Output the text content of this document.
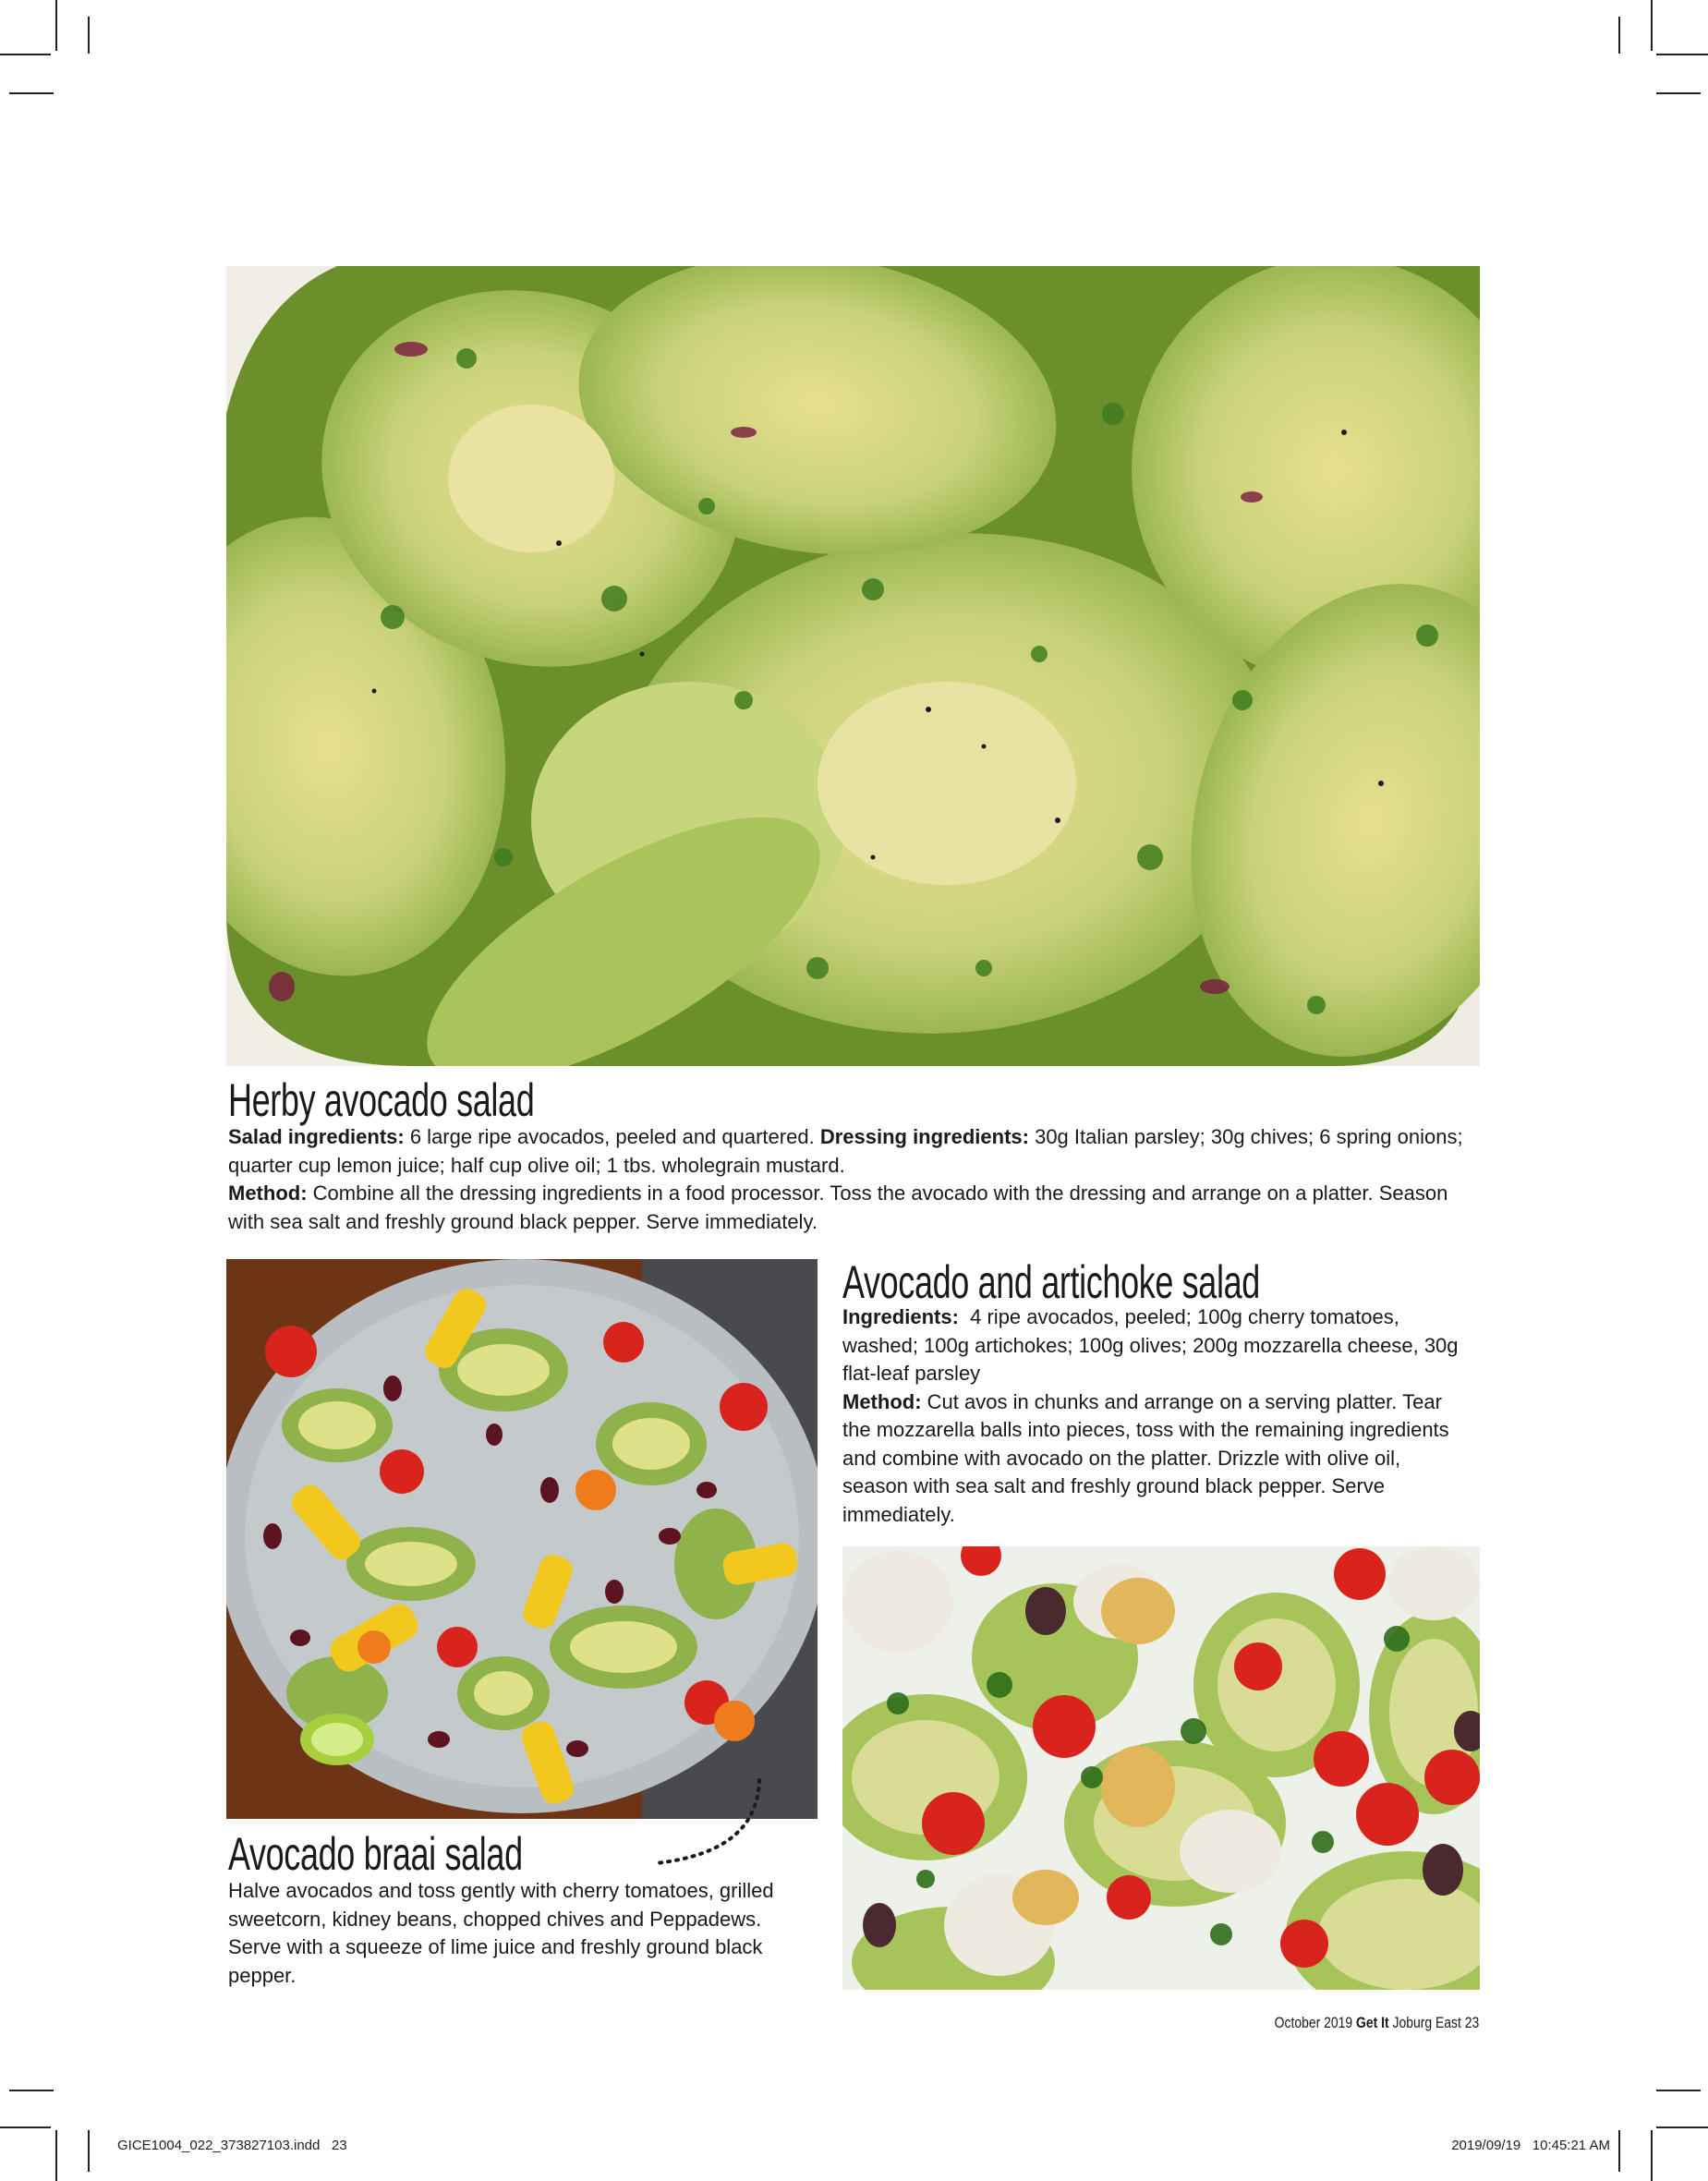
Herby avocado salad

Salad ingredients: 6 large ripe avocados, peeled and quartered. Dressing ingredients: 30g Italian parsley; 30g chives; 6 spring onions; quarter cup lemon juice; half cup olive oil; 1 tbs. wholegrain mustard.

Method: Combine all the dressing ingredients in a food processor. Toss the avocado with the dressing and arrange on a platter. Season with sea salt and freshly ground black pepper. Serve immediately.

Avocado braai salad

Halve avocados and toss gently with cherry tomatoes, grilled sweetcorn, kidney beans, chopped chives and Peppadews. Serve with a squeeze of lime juice and freshly ground black pepper.

Avocado and artichoke salad

Ingredients:  4 ripe avocados, peeled; 100g cherry tomatoes, washed; 100g artichokes; 100g olives; 200g mozzarella cheese, 30g flat-leaf parsley

Method: Cut avos in chunks and arrange on a serving platter. Tear the mozzarella balls into pieces, toss with the remaining ingredients and combine with avocado on the platter. Drizzle with olive oil, season with sea salt and freshly ground black pepper. Serve immediately.

October 2019 Get It Joburg East 23
GICE1004_022_373827103.indd   23	2019/09/19   10:45:21 AM
